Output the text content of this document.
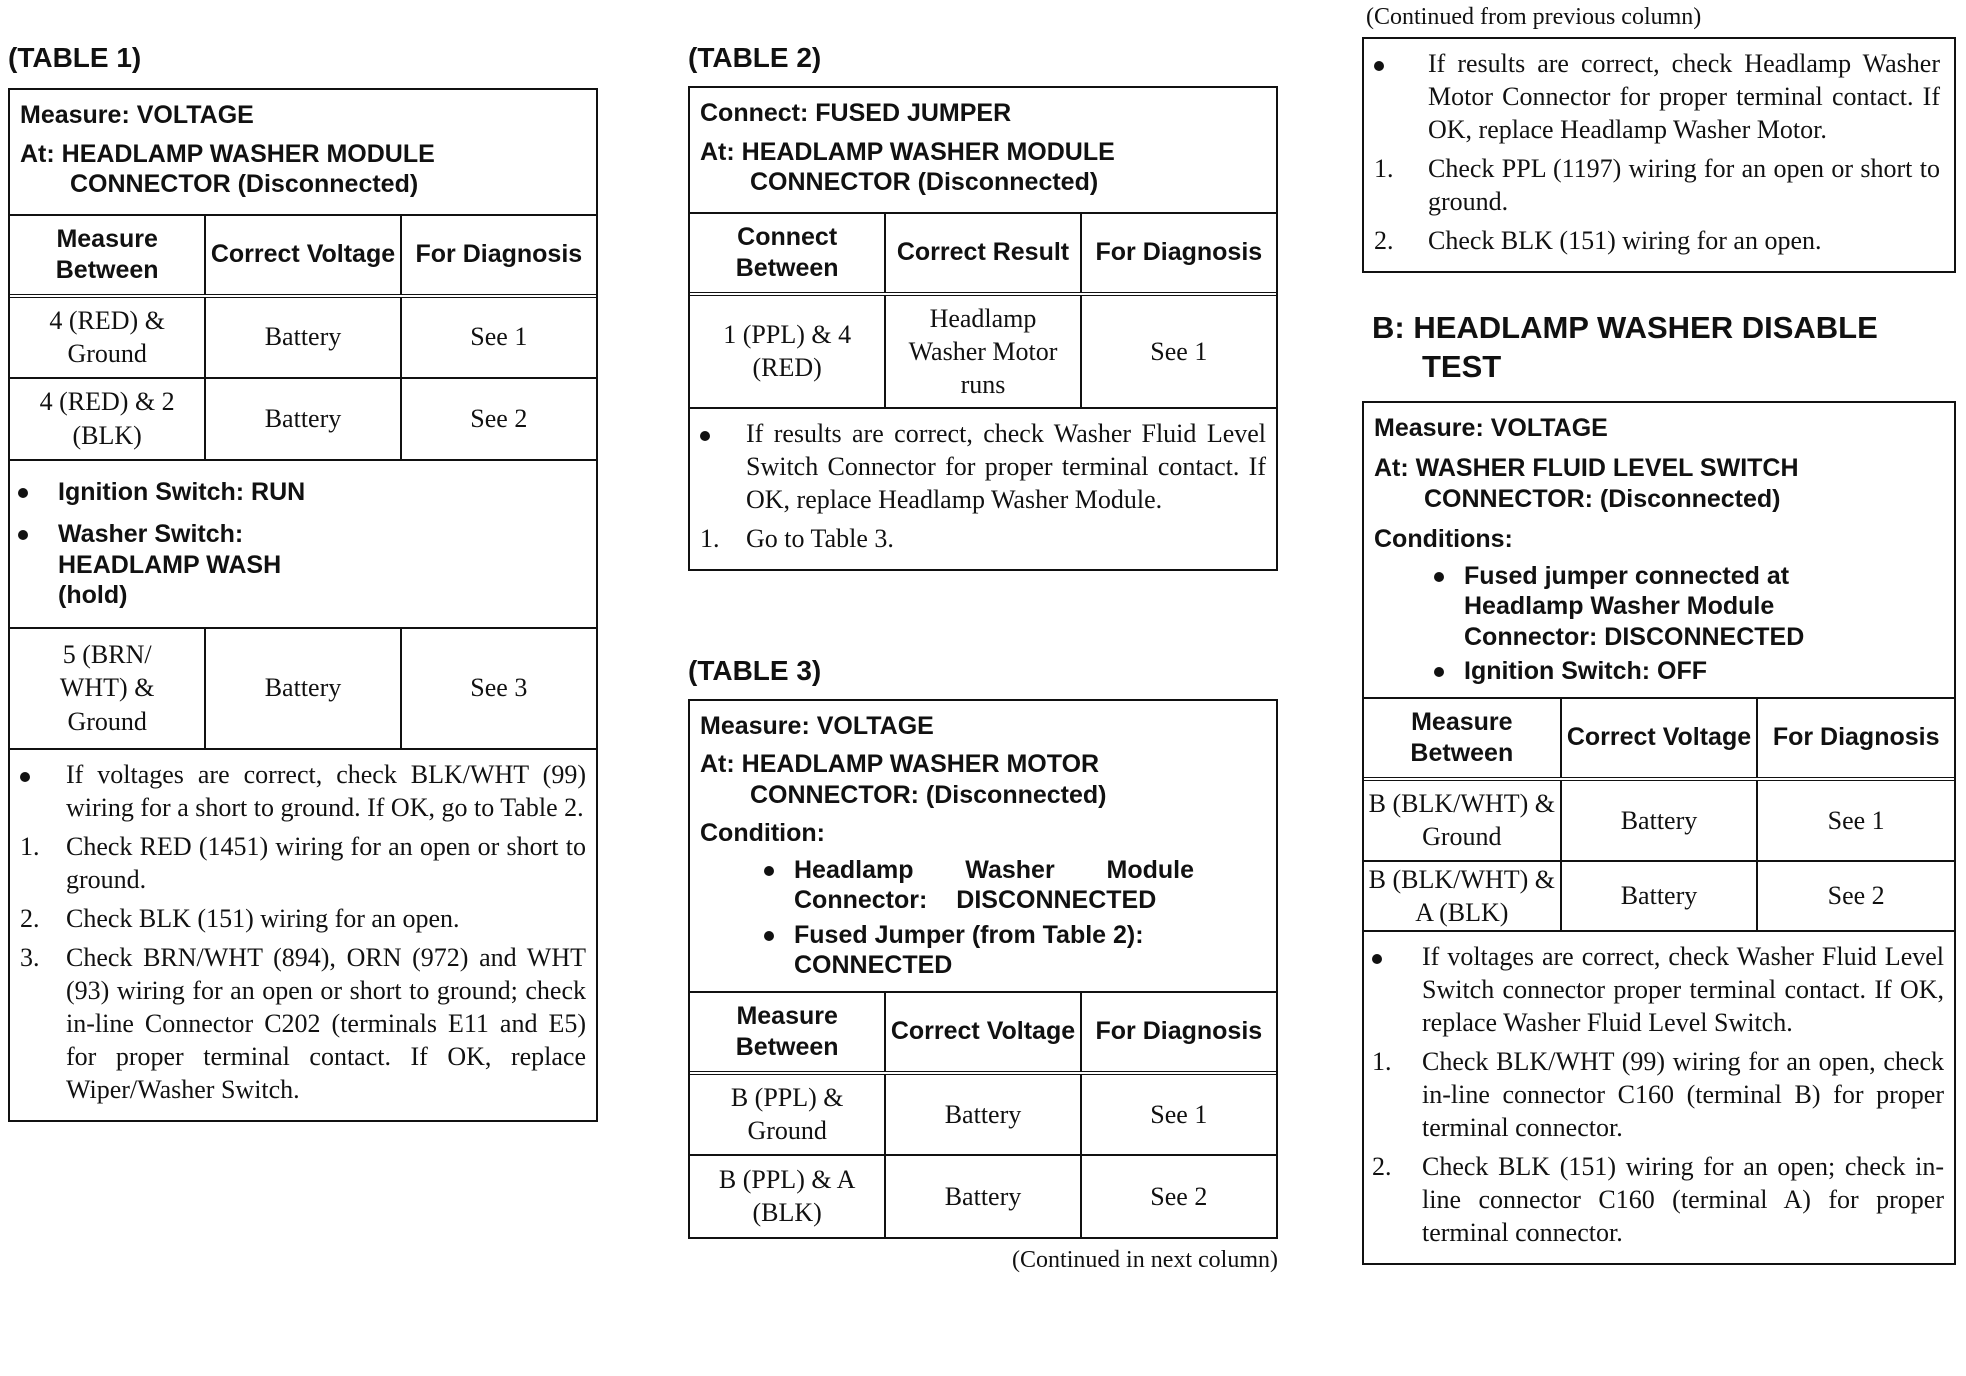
(TABLE 1)

Measure: VOLTAGE

At: HEADLAMP WASHER MODULE

CONNECTOR (Disconnected)

Measure Between	Correct Voltage	For Diagnosis
4 (RED) & Ground	Battery	See 1
4 (RED) & 2 (BLK)	Battery	See 2
Ignition Switch: RUN
Washer Switch: HEADLAMP WASH (hold)
5 (BRN/ WHT) & Ground	Battery	See 3
If voltages are correct, check BLK/WHT (99) wiring for a short to ground. If OK, go to Table 2.
1.	Check RED (1451) wiring for an open or short to ground.
2.	Check BLK (151) wiring for an open.
3.	Check BRN/WHT (894), ORN (972) and WHT (93) wiring for an open or short to ground; check in-line Connector C202 (terminals E11 and E5) for proper terminal contact. If OK, replace Wiper/Washer Switch.

(TABLE 2)

Connect: FUSED JUMPER

At: HEADLAMP WASHER MODULE

CONNECTOR (Disconnected)

Connect Between	Correct Result	For Diagnosis
1 (PPL) & 4 (RED)	Headlamp Washer Motor runs	See 1
If results are correct, check Washer Fluid Level Switch Connector for proper terminal contact. If OK, replace Headlamp Washer Module.
1.	Go to Table 3.

(TABLE 3)

Measure: VOLTAGE

At: HEADLAMP WASHER MOTOR

CONNECTOR: (Disconnected)

Condition:

Headlamp Washer Module Connector: DISCONNECTED
Fused Jumper (from Table 2): CONNECTED
Measure Between	Correct Voltage	For Diagnosis
B (PPL) & Ground	Battery	See 1
B (PPL) & A (BLK)	Battery	See 2
(Continued in next column)
(Continued from previous column)
If results are correct, check Headlamp Washer Motor Connector for proper terminal contact. If OK, replace Headlamp Washer Motor.
1.	Check PPL (1197) wiring for an open or short to ground.
2.	Check BLK (151) wiring for an open.

B: HEADLAMP WASHER DISABLE

TEST

Measure: VOLTAGE

At: WASHER FLUID LEVEL SWITCH

CONNECTOR: (Disconnected)

Conditions:

Fused jumper connected at Headlamp Washer Module Connector: DISCONNECTED
Ignition Switch: OFF
Measure Between	Correct Voltage	For Diagnosis
B (BLK/WHT) & Ground	Battery	See 1
B (BLK/WHT) & A (BLK)	Battery	See 2
If voltages are correct, check Washer Fluid Level Switch connector proper terminal contact. If OK, replace Washer Fluid Level Switch.
1.	Check BLK/WHT (99) wiring for an open, check in-line connector C160 (terminal B) for proper terminal connector.
2.	Check BLK (151) wiring for an open; check in-line connector C160 (terminal A) for proper terminal connector.
